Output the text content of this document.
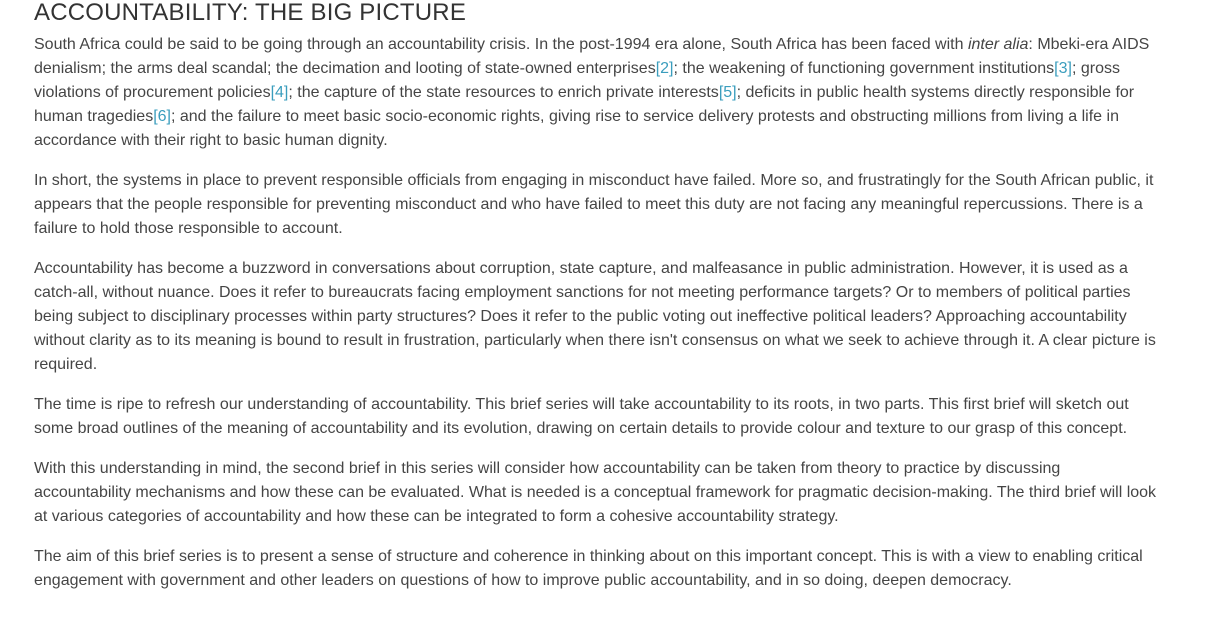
ACCOUNTABILITY: THE BIG PICTURE

South Africa could be said to be going through an accountability crisis. In the post-1994 era alone, South Africa has been faced with inter alia: Mbeki-era AIDS denialism; the arms deal scandal; the decimation and looting of state-owned enterprises[2]; the weakening of functioning government institutions[3]; gross violations of procurement policies[4]; the capture of the state resources to enrich private interests[5]; deficits in public health systems directly responsible for human tragedies[6]; and the failure to meet basic socio-economic rights, giving rise to service delivery protests and obstructing millions from living a life in accordance with their right to basic human dignity.

In short, the systems in place to prevent responsible officials from engaging in misconduct have failed. More so, and frustratingly for the South African public, it appears that the people responsible for preventing misconduct and who have failed to meet this duty are not facing any meaningful repercussions. There is a failure to hold those responsible to account.

Accountability has become a buzzword in conversations about corruption, state capture, and malfeasance in public administration. However, it is used as a catch-all, without nuance. Does it refer to bureaucrats facing employment sanctions for not meeting performance targets? Or to members of political parties being subject to disciplinary processes within party structures? Does it refer to the public voting out ineffective political leaders? Approaching accountability without clarity as to its meaning is bound to result in frustration, particularly when there isn't consensus on what we seek to achieve through it. A clear picture is required.

The time is ripe to refresh our understanding of accountability. This brief series will take accountability to its roots, in two parts. This first brief will sketch out some broad outlines of the meaning of accountability and its evolution, drawing on certain details to provide colour and texture to our grasp of this concept.

With this understanding in mind, the second brief in this series will consider how accountability can be taken from theory to practice by discussing accountability mechanisms and how these can be evaluated. What is needed is a conceptual framework for pragmatic decision-making. The third brief will look at various categories of accountability and how these can be integrated to form a cohesive accountability strategy.

The aim of this brief series is to present a sense of structure and coherence in thinking about on this important concept. This is with a view to enabling critical engagement with government and other leaders on questions of how to improve public accountability, and in so doing, deepen democracy.
